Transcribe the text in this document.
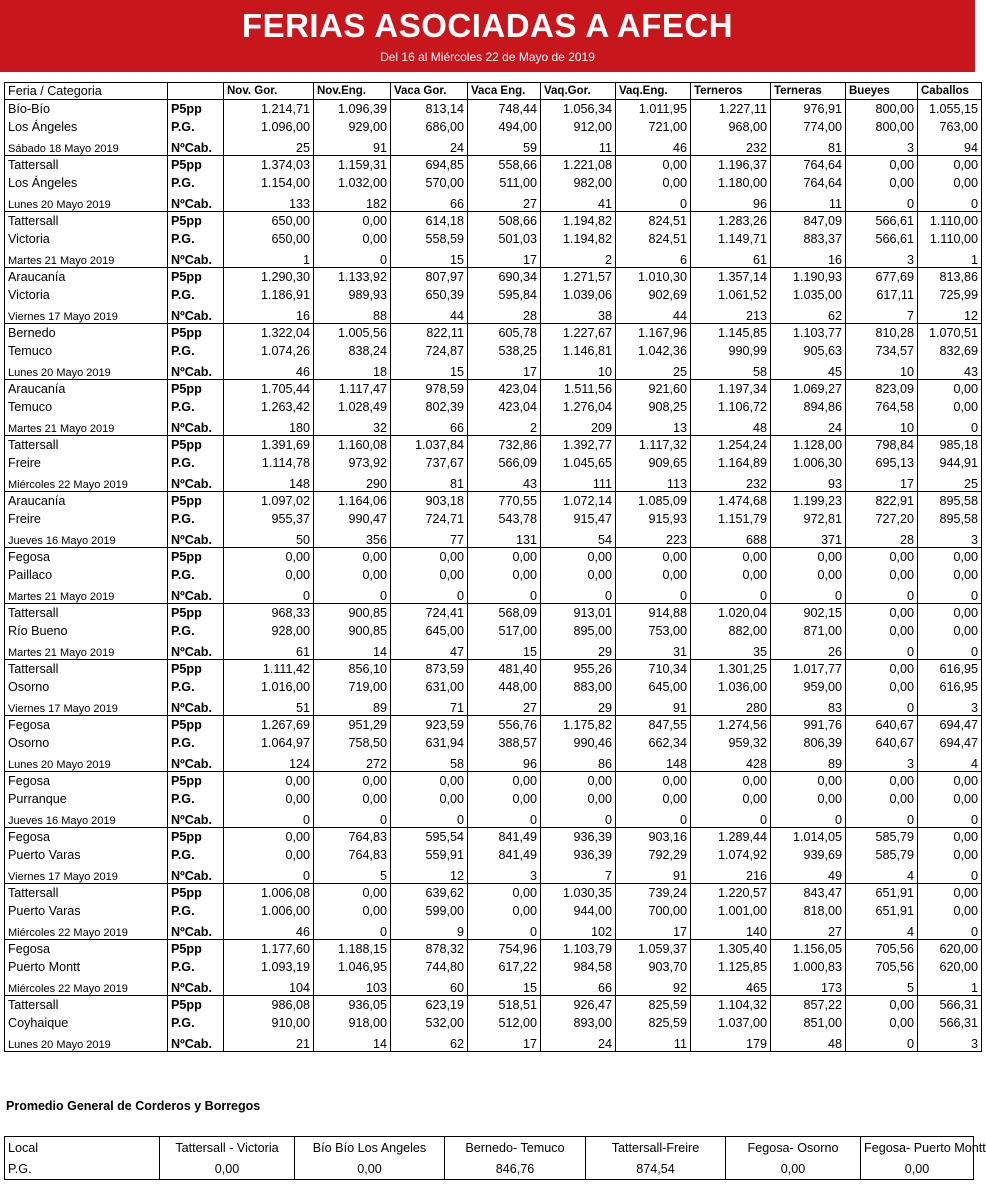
FERIAS ASOCIADAS A AFECH
Del 16 al Miércoles 22 de Mayo de 2019
Feria / Categoria		Nov. Gor.	Nov.Eng.	Vaca Gor.	Vaca Eng.	Vaq.Gor.	Vaq.Eng.	Terneros	Terneras	Bueyes	Caballos
Bío-Bío	P5pp	1.214,71	1.096,39	813,14	748,44	1.056,34	1.011,95	1.227,11	976,91	800,00	1.055,15
Los Ángeles	P.G.	1.096,00	929,00	686,00	494,00	912,00	721,00	968,00	774,00	800,00	763,00
Sábado 18 Mayo 2019	NºCab.	25	91	24	59	11	46	232	81	3	94
Tattersall	P5pp	1.374,03	1.159,31	694,85	558,66	1.221,08	0,00	1.196,37	764,64	0,00	0,00
Los Ángeles	P.G.	1.154,00	1.032,00	570,00	511,00	982,00	0,00	1.180,00	764,64	0,00	0,00
Lunes 20 Mayo 2019	NºCab.	133	182	66	27	41	0	96	11	0	0
Tattersall	P5pp	650,00	0,00	614,18	508,66	1.194,82	824,51	1.283,26	847,09	566,61	1.110,00
Victoria	P.G.	650,00	0,00	558,59	501,03	1.194,82	824,51	1.149,71	883,37	566,61	1.110,00
Martes 21 Mayo 2019	NºCab.	1	0	15	17	2	6	61	16	3	1
Araucanía	P5pp	1.290,30	1.133,92	807,97	690,34	1.271,57	1.010,30	1.357,14	1.190,93	677,69	813,86
Victoria	P.G.	1.186,91	989,93	650,39	595,84	1.039,06	902,69	1.061,52	1.035,00	617,11	725,99
Viernes 17 Mayo 2019	NºCab.	16	88	44	28	38	44	213	62	7	12
Bernedo	P5pp	1.322,04	1.005,56	822,11	605,78	1.227,67	1.167,96	1.145,85	1.103,77	810,28	1.070,51
Temuco	P.G.	1.074,26	838,24	724,87	538,25	1.146,81	1.042,36	990,99	905,63	734,57	832,69
Lunes 20 Mayo 2019	NºCab.	46	18	15	17	10	25	58	45	10	43
Araucanía	P5pp	1.705,44	1.117,47	978,59	423,04	1.511,56	921,60	1.197,34	1.069,27	823,09	0,00
Temuco	P.G.	1.263,42	1.028,49	802,39	423,04	1.276,04	908,25	1.106,72	894,86	764,58	0,00
Martes 21 Mayo 2019	NºCab.	180	32	66	2	209	13	48	24	10	0
Tattersall	P5pp	1.391,69	1.160,08	1.037,84	732,86	1.392,77	1.117,32	1.254,24	1.128,00	798,84	985,18
Freire	P.G.	1.114,78	973,92	737,67	566,09	1.045,65	909,65	1.164,89	1.006,30	695,13	944,91
Miércoles 22 Mayo 2019	NºCab.	148	290	81	43	111	113	232	93	17	25
Araucanía	P5pp	1.097,02	1.164,06	903,18	770,55	1.072,14	1.085,09	1.474,68	1.199,23	822,91	895,58
Freire	P.G.	955,37	990,47	724,71	543,78	915,47	915,93	1.151,79	972,81	727,20	895,58
Jueves 16 Mayo 2019	NºCab.	50	356	77	131	54	223	688	371	28	3
Fegosa	P5pp	0,00	0,00	0,00	0,00	0,00	0,00	0,00	0,00	0,00	0,00
Paillaco	P.G.	0,00	0,00	0,00	0,00	0,00	0,00	0,00	0,00	0,00	0,00
Martes 21 Mayo 2019	NºCab.	0	0	0	0	0	0	0	0	0	0
Tattersall	P5pp	968,33	900,85	724,41	568,09	913,01	914,88	1.020,04	902,15	0,00	0,00
Río Bueno	P.G.	928,00	900,85	645,00	517,00	895,00	753,00	882,00	871,00	0,00	0,00
Martes 21 Mayo 2019	NºCab.	61	14	47	15	29	31	35	26	0	0
Tattersall	P5pp	1.111,42	856,10	873,59	481,40	955,26	710,34	1.301,25	1.017,77	0,00	616,95
Osorno	P.G.	1.016,00	719,00	631,00	448,00	883,00	645,00	1.036,00	959,00	0,00	616,95
Viernes 17 Mayo 2019	NºCab.	51	89	71	27	29	91	280	83	0	3
Fegosa	P5pp	1.267,69	951,29	923,59	556,76	1.175,82	847,55	1.274,56	991,76	640,67	694,47
Osorno	P.G.	1.064,97	758,50	631,94	388,57	990,46	662,34	959,32	806,39	640,67	694,47
Lunes 20 Mayo 2019	NºCab.	124	272	58	96	86	148	428	89	3	4
Fegosa	P5pp	0,00	0,00	0,00	0,00	0,00	0,00	0,00	0,00	0,00	0,00
Purranque	P.G.	0,00	0,00	0,00	0,00	0,00	0,00	0,00	0,00	0,00	0,00
Jueves 16 Mayo 2019	NºCab.	0	0	0	0	0	0	0	0	0	0
Fegosa	P5pp	0,00	764,83	595,54	841,49	936,39	903,16	1.289,44	1.014,05	585,79	0,00
Puerto Varas	P.G.	0,00	764,83	559,91	841,49	936,39	792,29	1.074,92	939,69	585,79	0,00
Viernes 17 Mayo 2019	NºCab.	0	5	12	3	7	91	216	49	4	0
Tattersall	P5pp	1.006,08	0,00	639,62	0,00	1.030,35	739,24	1.220,57	843,47	651,91	0,00
Puerto Varas	P.G.	1.006,00	0,00	599,00	0,00	944,00	700,00	1.001,00	818,00	651,91	0,00
Miércoles 22 Mayo 2019	NºCab.	46	0	9	0	102	17	140	27	4	0
Fegosa	P5pp	1.177,60	1.188,15	878,32	754,96	1.103,79	1.059,37	1.305,40	1.156,05	705,56	620,00
Puerto Montt	P.G.	1.093,19	1.046,95	744,80	617,22	984,58	903,70	1.125,85	1.000,83	705,56	620,00
Miércoles 22 Mayo 2019	NºCab.	104	103	60	15	66	92	465	173	5	1
Tattersall	P5pp	986,08	936,05	623,19	518,51	926,47	825,59	1.104,32	857,22	0,00	566,31
Coyhaique	P.G.	910,00	918,00	532,00	512,00	893,00	825,59	1.037,00	851,00	0,00	566,31
Lunes 20 Mayo 2019	NºCab.	21	14	62	17	24	11	179	48	0	3
Promedio General de Corderos y Borregos
Local	Tattersall - Victoria	Bío Bío Los Angeles	Bernedo- Temuco	Tattersall-Freire	Fegosa- Osorno	Fegosa- Puerto Montt
P.G.	0,00	0,00	846,76	874,54	0,00	0,00
